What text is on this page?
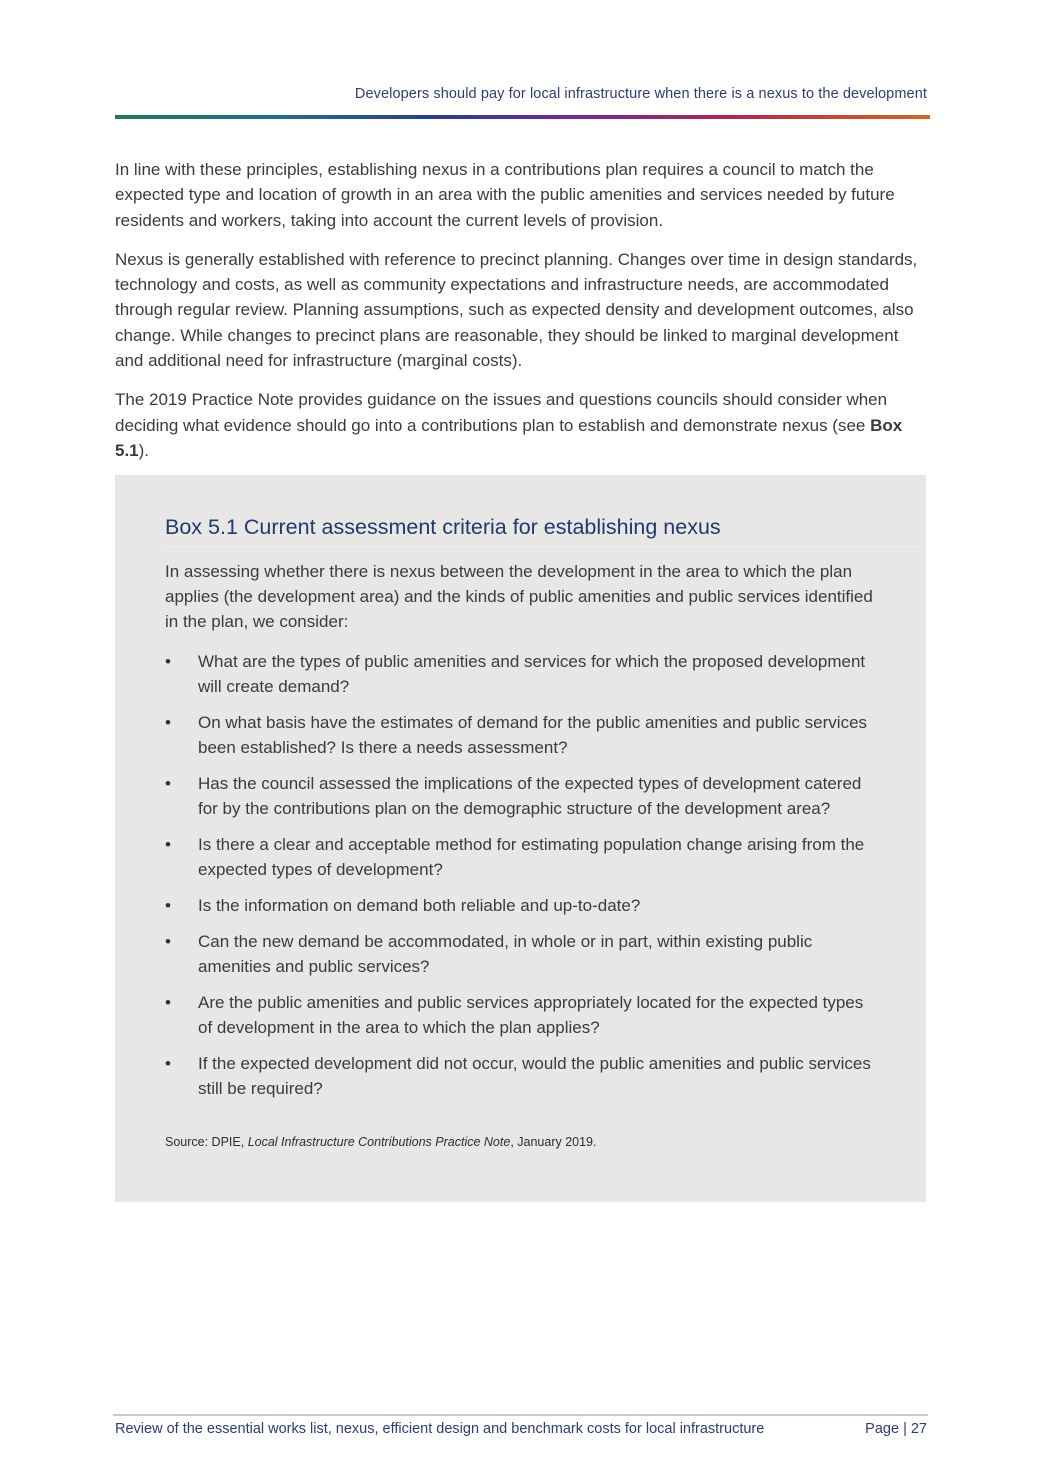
Developers should pay for local infrastructure when there is a nexus to the development

In line with these principles, establishing nexus in a contributions plan requires a council to match the expected type and location of growth in an area with the public amenities and services needed by future residents and workers, taking into account the current levels of provision.

Nexus is generally established with reference to precinct planning. Changes over time in design standards, technology and costs, as well as community expectations and infrastructure needs, are accommodated through regular review. Planning assumptions, such as expected density and development outcomes, also change. While changes to precinct plans are reasonable, they should be linked to marginal development and additional need for infrastructure (marginal costs).

The 2019 Practice Note provides guidance on the issues and questions councils should consider when deciding what evidence should go into a contributions plan to establish and demonstrate nexus (see Box 5.1).

Box 5.1 Current assessment criteria for establishing nexus

In assessing whether there is nexus between the development in the area to which the plan applies (the development area) and the kinds of public amenities and public services identified in the plan, we consider:

• What are the types of public amenities and services for which the proposed development will create demand?
• On what basis have the estimates of demand for the public amenities and public services been established? Is there a needs assessment?
• Has the council assessed the implications of the expected types of development catered for by the contributions plan on the demographic structure of the development area?
• Is there a clear and acceptable method for estimating population change arising from the expected types of development?
• Is the information on demand both reliable and up-to-date?
• Can the new demand be accommodated, in whole or in part, within existing public amenities and public services?
• Are the public amenities and public services appropriately located for the expected types of development in the area to which the plan applies?
• If the expected development did not occur, would the public amenities and public services still be required?
Source: DPIE, Local Infrastructure Contributions Practice Note, January 2019.
Review of the essential works list, nexus, efficient design and benchmark costs for local infrastructure	Page | 27
